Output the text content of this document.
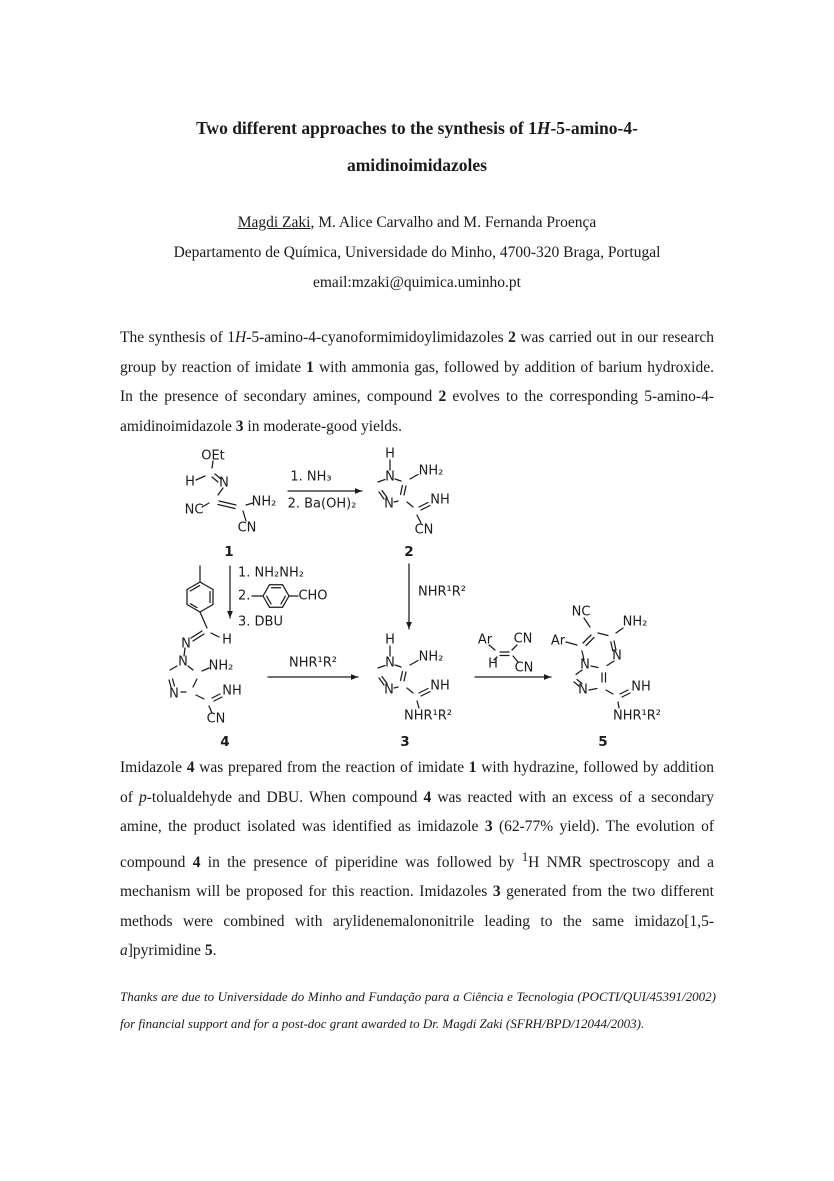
Two different approaches to the synthesis of 1H-5-amino-4-
amidinoimidazoles
Magdi Zaki, M. Alice Carvalho and M. Fernanda Proença
Departamento de Química, Universidade do Minho, 4700-320 Braga, Portugal
email:mzaki@quimica.uminho.pt
The synthesis of 1H-5-amino-4-cyanoformimidoylimidazoles 2 was carried out in our research group by reaction of imidate 1 with ammonia gas, followed by addition of barium hydroxide. In the presence of secondary amines, compound 2 evolves to the corresponding 5-amino-4-amidinoimidazole 3 in moderate-good yields.
OEt
H N
NC
NH₂
CN
1
1. NH₃
2. Ba(OH)₂
H
N NH₂
N	NH
CN
2
1. NH₂NH₂
2.	CHO
3. DBU
NHR¹R²
H
N
N NH₂
N	NH
CN
4
NHR¹R²
H
N NH₂
N	NH
NHR¹R²
3
Ar CN
H CN
NC
NH₂
Ar
N
N
N	NH
NHR¹R²
5
Imidazole 4 was prepared from the reaction of imidate 1 with hydrazine, followed by addition of p-tolualdehyde and DBU. When compound 4 was reacted with an excess of a secondary amine, the product isolated was identified as imidazole 3 (62-77% yield). The evolution of compound 4 in the presence of piperidine was followed by $^1$H NMR spectroscopy and a mechanism will be proposed for this reaction. Imidazoles 3 generated from the two different methods were combined with arylidenemalononitrile leading to the same imidazo[1,5-a]pyrimidine 5.
Thanks are due to Universidade do Minho and Fundação para a Ciência e Tecnologia (POCTI/QUI/45391/2002) for financial support and for a post-doc grant awarded to Dr. Magdi Zaki (SFRH/BPD/12044/2003).
